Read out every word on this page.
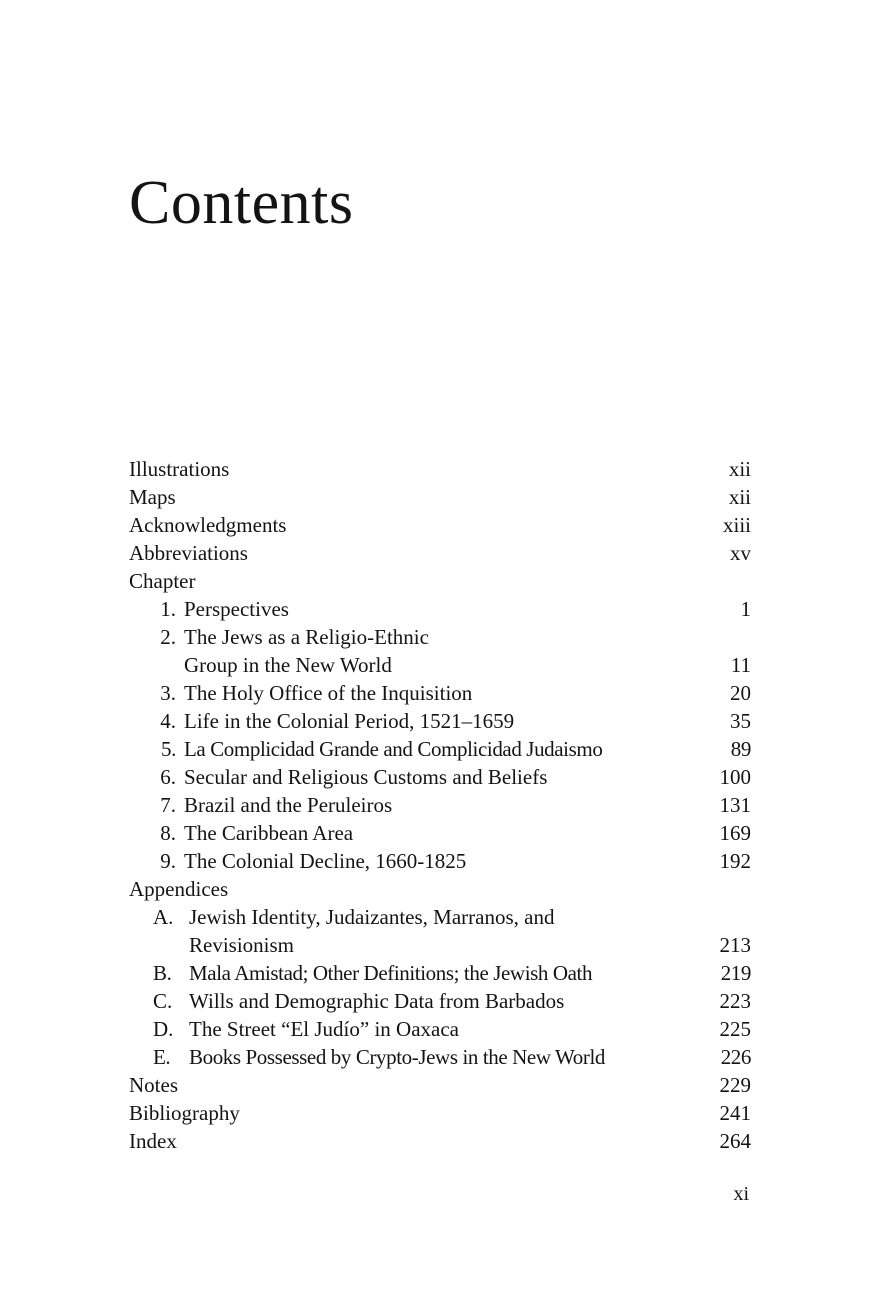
Contents
Illustrations	xii
Maps	xii
Acknowledgments	xiii
Abbreviations	xv
Chapter
1. Perspectives	1
2. The Jews as a Religio-Ethnic
Group in the New World	11
3. The Holy Office of the Inquisition	20
4. Life in the Colonial Period, 1521–1659	35
5. La Complicidad Grande and Complicidad Judaismo	89
6. Secular and Religious Customs and Beliefs	100
7. Brazil and the Peruleiros	131
8. The Caribbean Area	169
9. The Colonial Decline, 1660-1825	192
Appendices
A. Jewish Identity, Judaizantes, Marranos, and
Revisionism	213
B. Mala Amistad; Other Definitions; the Jewish Oath	219
C. Wills and Demographic Data from Barbados	223
D. The Street “El Judío” in Oaxaca	225
E. Books Possessed by Crypto-Jews in the New World	226
Notes	229
Bibliography	241
Index	264
xi
